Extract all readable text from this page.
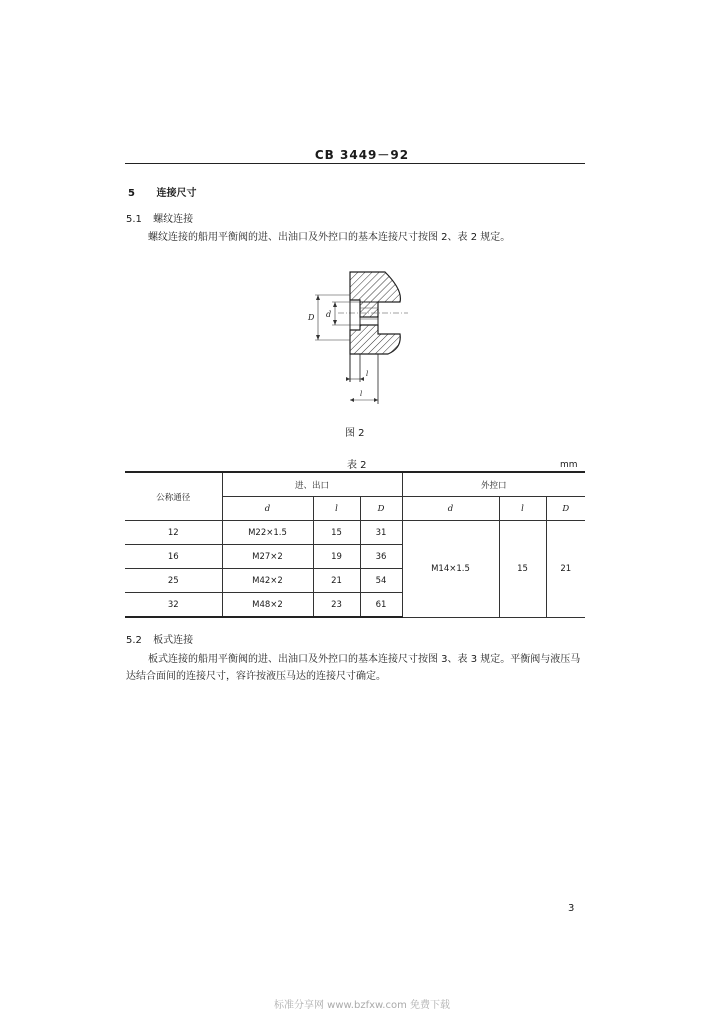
CB 3449－92
5 连接尺寸
5.1 螺纹连接
螺纹连接的船用平衡阀的进、出油口及外控口的基本连接尺寸按图 2、表 2 规定。
D d
l
l
图 2
表 2	mm
公称通径	进、出口			外控口		
	d	l	D	d	l	D
12	M22×1.5	15	31	M14×1.5	15	21
16	M27×2	19	36			
25	M42×2	21	54			
32	M48×2	23	61			
5.2 板式连接
板式连接的船用平衡阀的进、出油口及外控口的基本连接尺寸按图 3、表 3 规定。平衡阀与液压马
达结合面间的连接尺寸，容许按液压马达的连接尺寸确定。
3
标准分享网 www.bzfxw.com 免费下载
